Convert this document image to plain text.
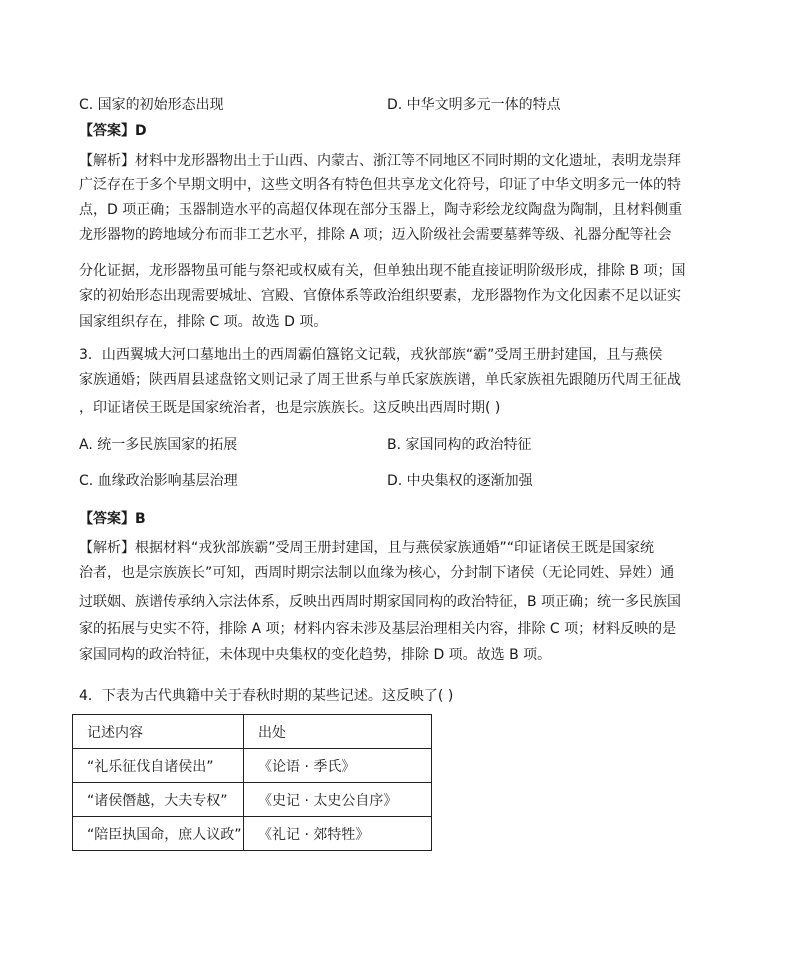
C. 国家的初始形态出现	D. 中华文明多元一体的特点
【答案】D
【解析】材料中龙形器物出土于山西、内蒙古、浙江等不同地区不同时期的文化遗址，表明龙崇拜
广泛存在于多个早期文明中，这些文明各有特色但共享龙文化符号，印证了中华文明多元一体的特
点，D 项正确；玉器制造水平的高超仅体现在部分玉器上，陶寺彩绘龙纹陶盘为陶制，且材料侧重
龙形器物的跨地域分布而非工艺水平，排除 A 项；迈入阶级社会需要墓葬等级、礼器分配等社会
分化证据，龙形器物虽可能与祭祀或权威有关，但单独出现不能直接证明阶级形成，排除 B 项；国
家的初始形态出现需要城址、宫殿、官僚体系等政治组织要素，龙形器物作为文化因素不足以证实
国家组织存在，排除 C 项。故选 D 项。
3．山西翼城大河口墓地出土的西周霸伯簋铭文记载，戎狄部族“霸”受周王册封建国，且与燕侯
家族通婚；陕西眉县逑盘铭文则记录了周王世系与单氏家族族谱，单氏家族祖先跟随历代周王征战
，印证诸侯王既是国家统治者，也是宗族族长。这反映出西周时期( )
A. 统一多民族国家的拓展	B. 家国同构的政治特征
C. 血缘政治影响基层治理	D. 中央集权的逐渐加强
【答案】B
【解析】根据材料“戎狄部族霸”受周王册封建国，且与燕侯家族通婚”“印证诸侯王既是国家统
治者，也是宗族族长”可知，西周时期宗法制以血缘为核心，分封制下诸侯（无论同姓、异姓）通
过联姻、族谱传承纳入宗法体系，反映出西周时期家国同构的政治特征，B 项正确；统一多民族国
家的拓展与史实不符，排除 A 项；材料内容未涉及基层治理相关内容，排除 C 项；材料反映的是
家国同构的政治特征，未体现中央集权的变化趋势，排除 D 项。故选 B 项。
4．下表为古代典籍中关于春秋时期的某些记述。这反映了( )
记述内容	出处
“礼乐征伐自诸侯出”	《论语 · 季氏》
“诸侯僭越，大夫专权”	《史记 · 太史公自序》
“陪臣执国命，庶人议政”	《礼记 · 郊特牲》
